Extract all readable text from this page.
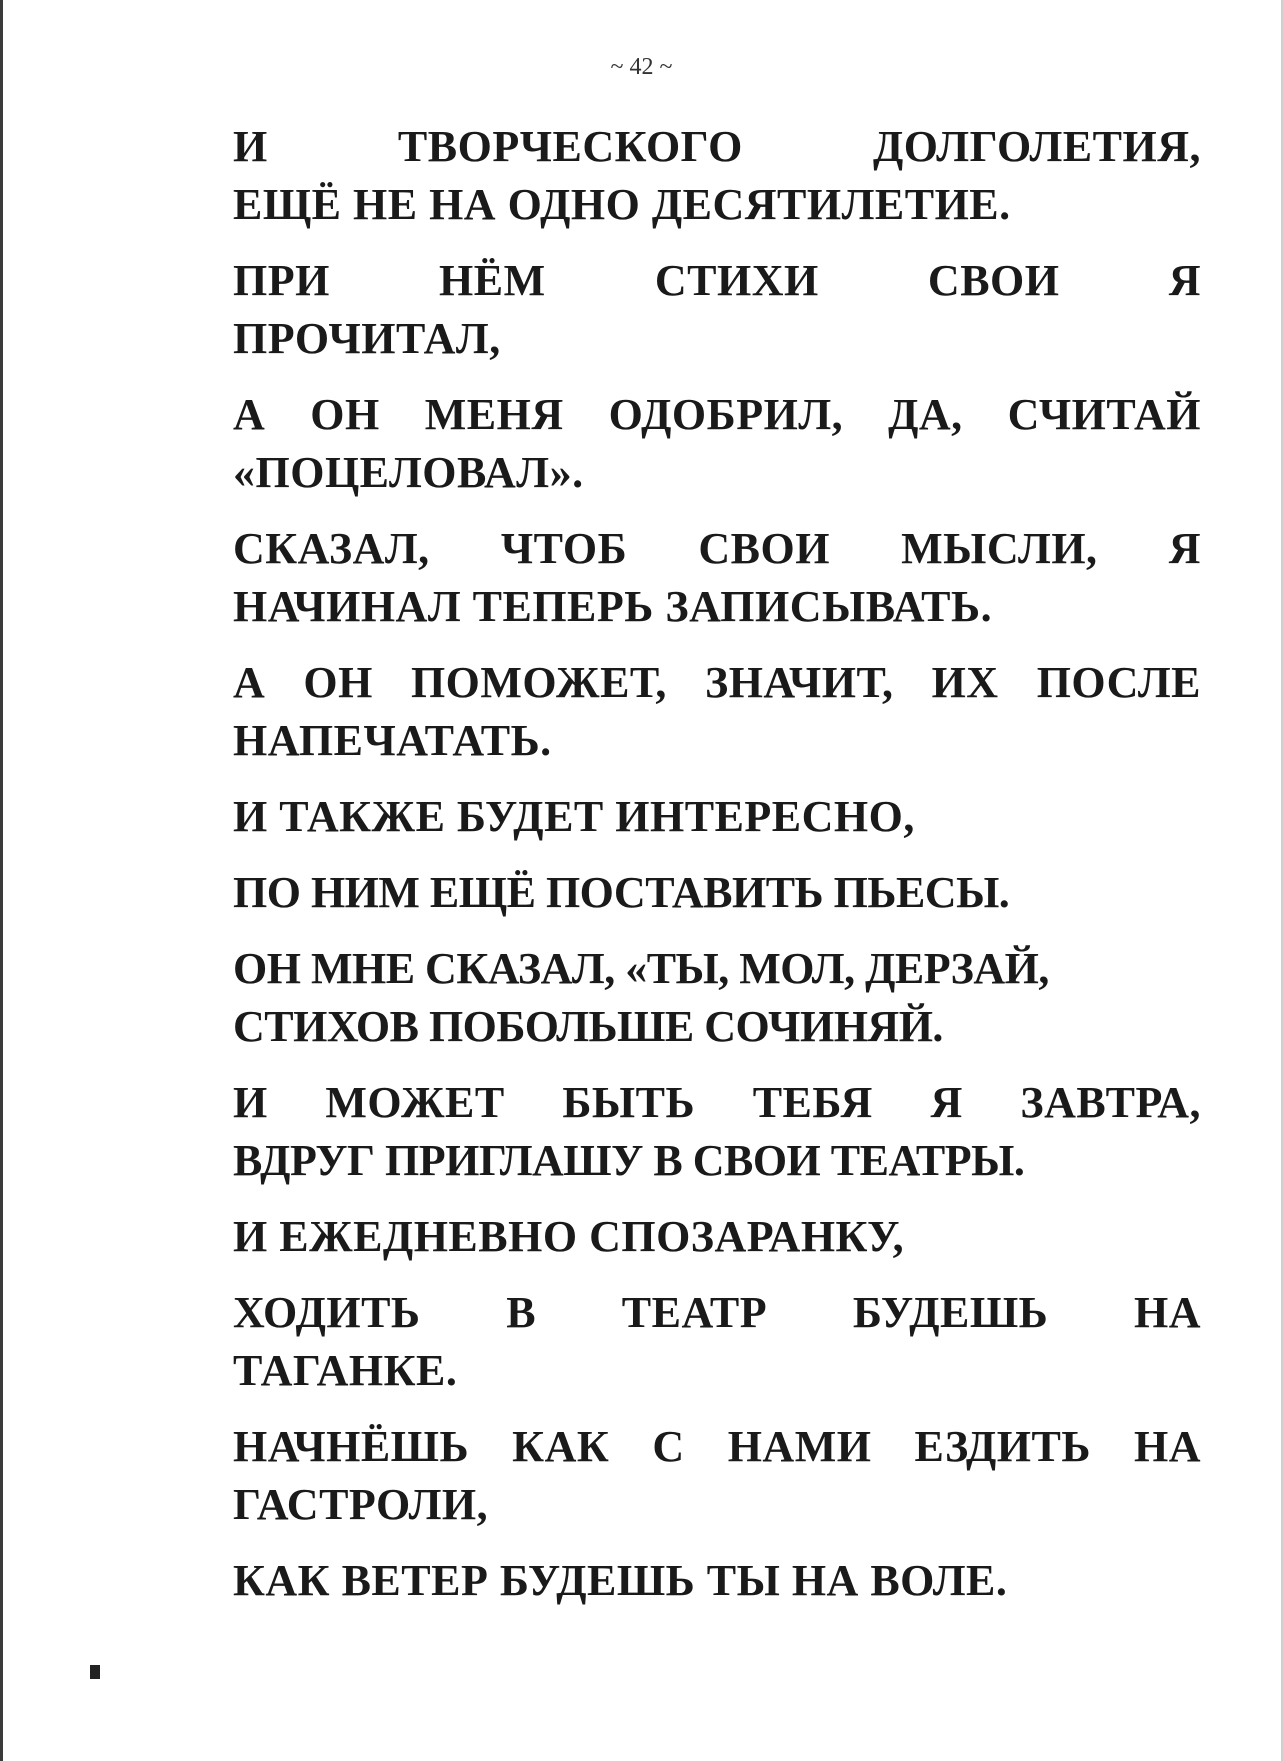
~ 42 ~
И ТВОРЧЕСКОГО ДОЛГОЛЕТИЯ,
ЕЩЁ НЕ НА ОДНО ДЕСЯТИЛЕТИЕ.
ПРИ НЁМ СТИХИ СВОИ Я
ПРОЧИТАЛ,
А ОН МЕНЯ ОДОБРИЛ, ДА, СЧИТАЙ
«ПОЦЕЛОВАЛ».
СКАЗАЛ, ЧТОБ СВОИ МЫСЛИ, Я
НАЧИНАЛ ТЕПЕРЬ ЗАПИСЫВАТЬ.
А ОН ПОМОЖЕТ, ЗНАЧИТ, ИХ ПОСЛЕ
НАПЕЧАТАТЬ.
И ТАКЖЕ БУДЕТ ИНТЕРЕСНО,
ПО НИМ ЕЩЁ ПОСТАВИТЬ ПЬЕСЫ.
ОН МНЕ СКАЗАЛ, «ТЫ, МОЛ, ДЕРЗАЙ,
СТИХОВ ПОБОЛЬШЕ СОЧИНЯЙ.
И МОЖЕТ БЫТЬ ТЕБЯ Я ЗАВТРА,
ВДРУГ ПРИГЛАШУ В СВОИ ТЕАТРЫ.
И ЕЖЕДНЕВНО СПОЗАРАНКУ,
ХОДИТЬ В ТЕАТР БУДЕШЬ НА
ТАГАНКЕ.
НАЧНЁШЬ КАК С НАМИ ЕЗДИТЬ НА
ГАСТРОЛИ,
КАК ВЕТЕР БУДЕШЬ ТЫ НА ВОЛЕ.
